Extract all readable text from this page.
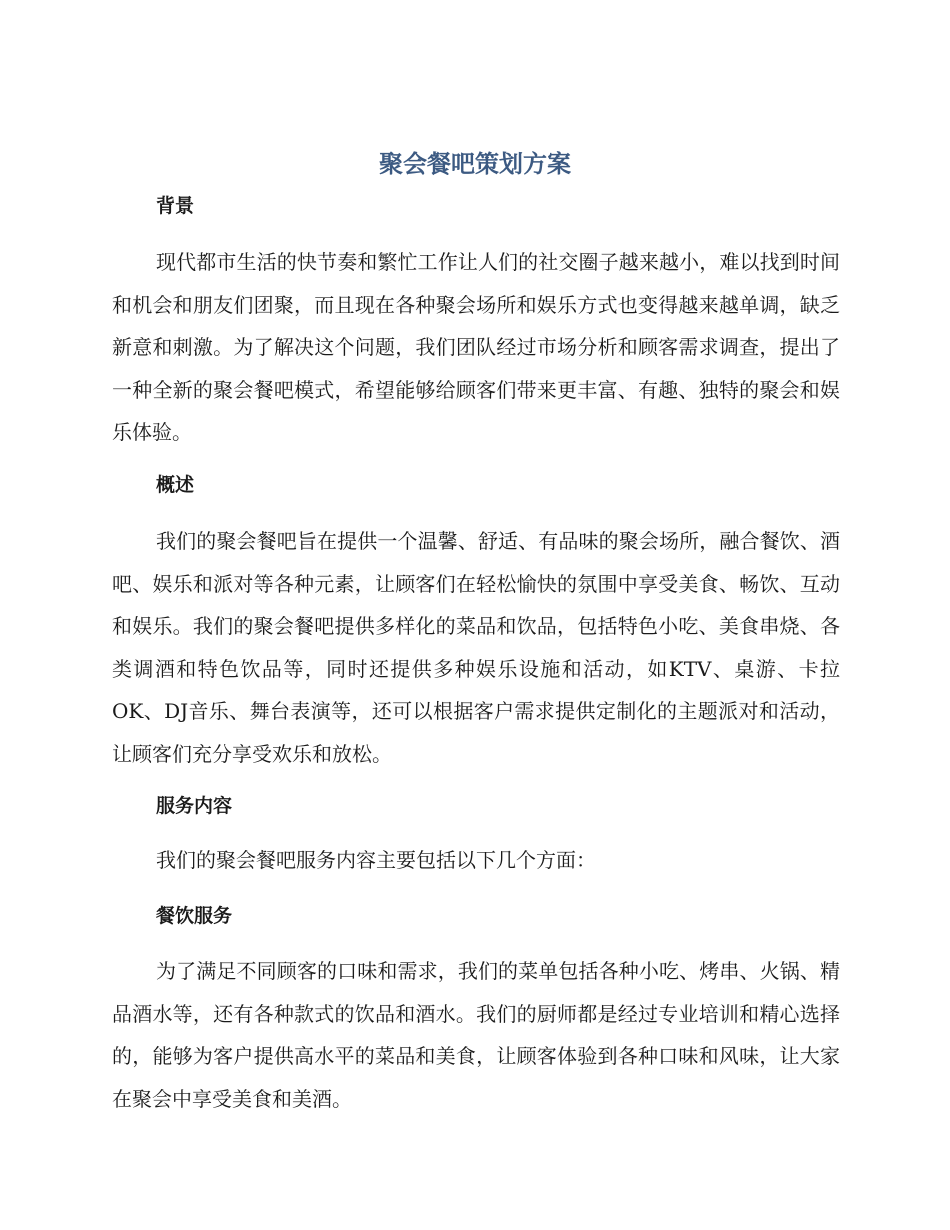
聚会餐吧策划方案
背景

现代都市生活的快节奏和繁忙工作让人们的社交圈子越来越小，难以找到时间和机会和朋友们团聚，而且现在各种聚会场所和娱乐方式也变得越来越单调，缺乏新意和刺激。为了解决这个问题，我们团队经过市场分析和顾客需求调查，提出了一种全新的聚会餐吧模式，希望能够给顾客们带来更丰富、有趣、独特的聚会和娱乐体验。

概述

我们的聚会餐吧旨在提供一个温馨、舒适、有品味的聚会场所，融合餐饮、酒吧、娱乐和派对等各种元素，让顾客们在轻松愉快的氛围中享受美食、畅饮、互动和娱乐。我们的聚会餐吧提供多样化的菜品和饮品，包括特色小吃、美食串烧、各类调酒和特色饮品等，同时还提供多种娱乐设施和活动，如KTV、桌游、卡拉OK、DJ音乐、舞台表演等，还可以根据客户需求提供定制化的主题派对和活动，让顾客们充分享受欢乐和放松。

服务内容

我们的聚会餐吧服务内容主要包括以下几个方面：

餐饮服务

为了满足不同顾客的口味和需求，我们的菜单包括各种小吃、烤串、火锅、精品酒水等，还有各种款式的饮品和酒水。我们的厨师都是经过专业培训和精心选择的，能够为客户提供高水平的菜品和美食，让顾客体验到各种口味和风味，让大家在聚会中享受美食和美酒。
